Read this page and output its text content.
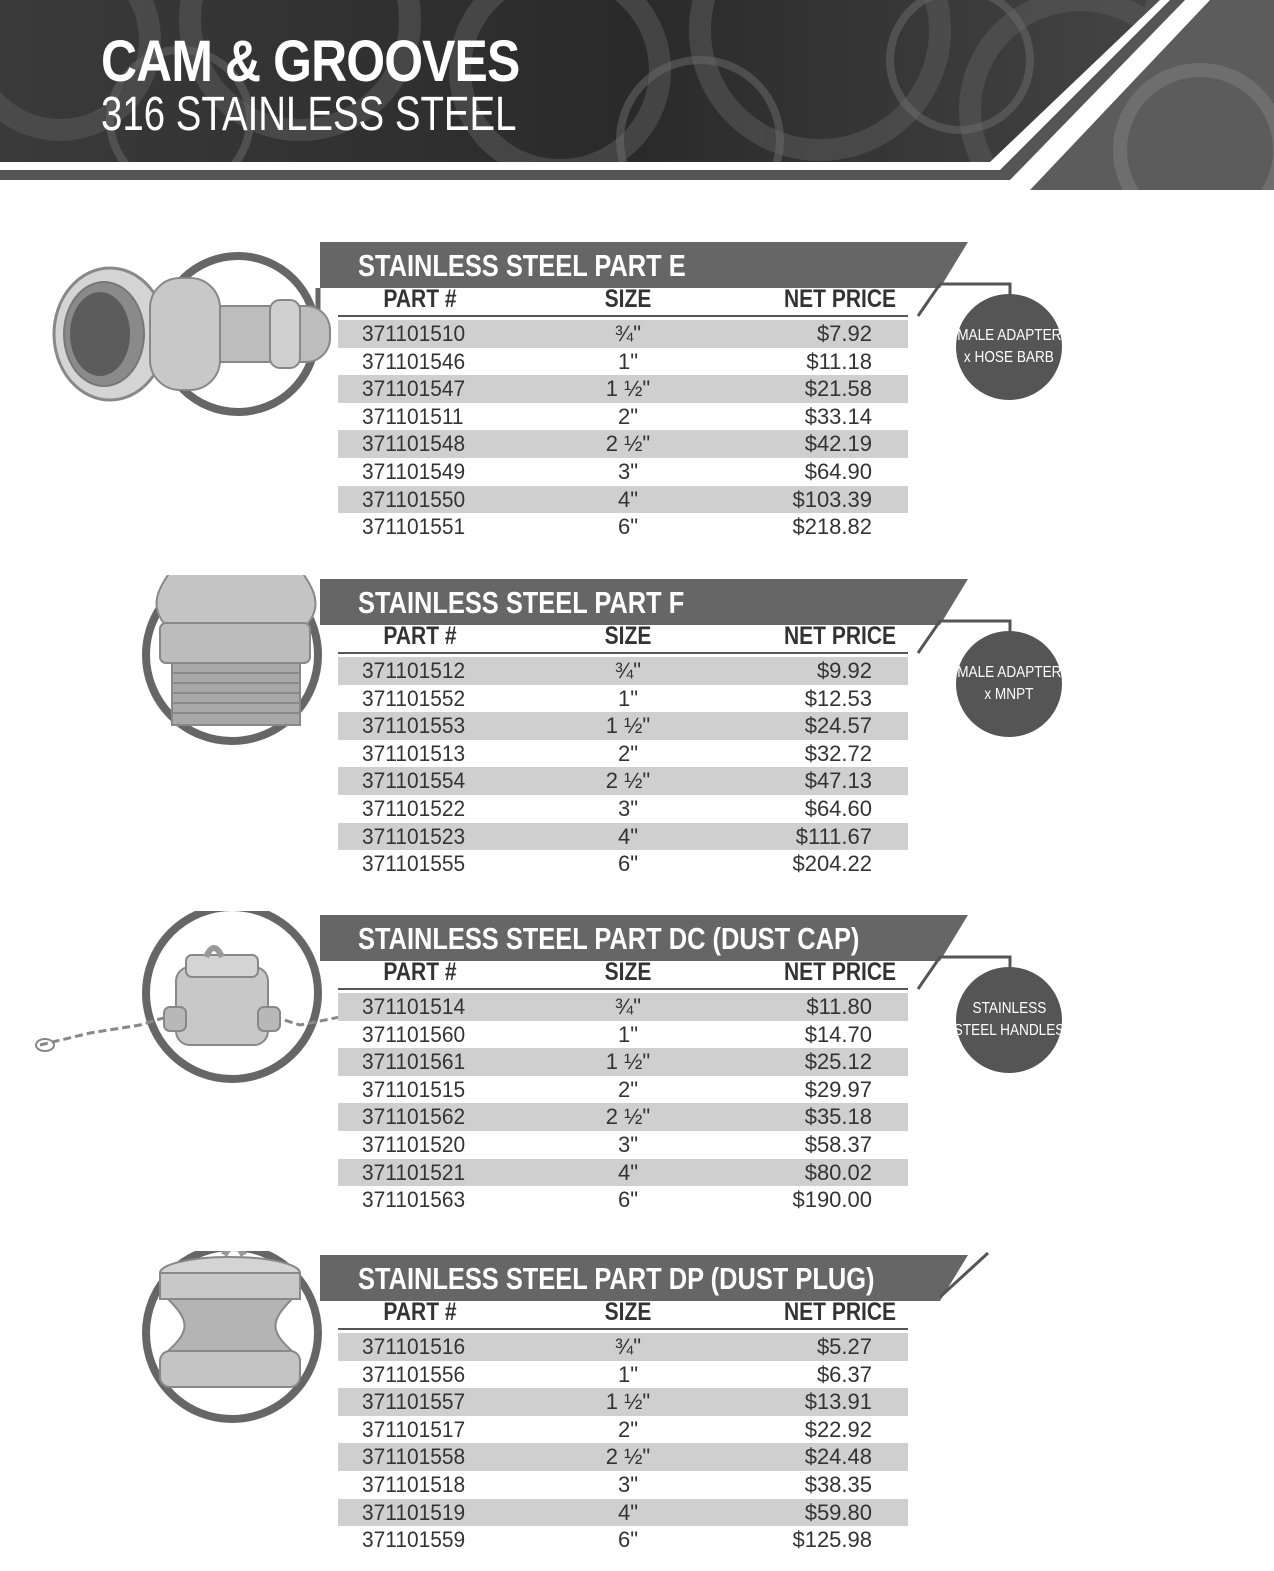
CAM & GROOVES
316 STAINLESS STEEL
STAINLESS STEEL PART E
PART #	SIZE	NET PRICE
371101510	¾"	$7.92
371101546	1"	$11.18
371101547	1 ½"	$21.58
371101511	2"	$33.14
371101548	2 ½"	$42.19
371101549	3"	$64.90
371101550	4"	$103.39
371101551	6"	$218.82
MALE ADAPTER
x HOSE BARB
STAINLESS STEEL PART F
PART #	SIZE	NET PRICE
371101512	¾"	$9.92
371101552	1"	$12.53
371101553	1 ½"	$24.57
371101513	2"	$32.72
371101554	2 ½"	$47.13
371101522	3"	$64.60
371101523	4"	$111.67
371101555	6"	$204.22
MALE ADAPTER
x MNPT
STAINLESS STEEL PART DC (DUST CAP)
PART #	SIZE	NET PRICE
371101514	¾"	$11.80
371101560	1"	$14.70
371101561	1 ½"	$25.12
371101515	2"	$29.97
371101562	2 ½"	$35.18
371101520	3"	$58.37
371101521	4"	$80.02
371101563	6"	$190.00
STAINLESS
STEEL HANDLES
STAINLESS STEEL PART DP (DUST PLUG)
PART #	SIZE	NET PRICE
371101516	¾"	$5.27
371101556	1"	$6.37
371101557	1 ½"	$13.91
371101517	2"	$22.92
371101558	2 ½"	$24.48
371101518	3"	$38.35
371101519	4"	$59.80
371101559	6"	$125.98
